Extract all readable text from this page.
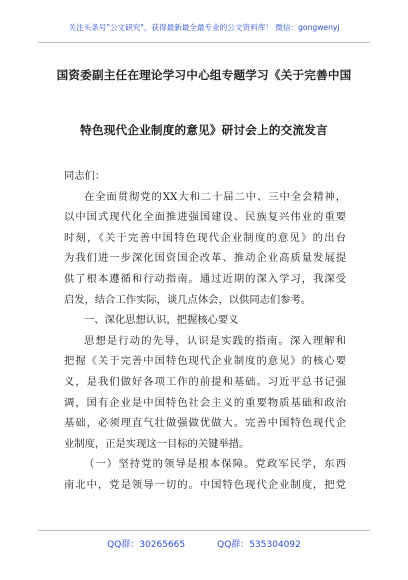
关注头条号"公文研究"，获得最新最全最专业的公文资料库！ 微信：gongwenyj
国资委副主任在理论学习中心组专题学习《关于完善中国
特色现代企业制度的意见》研讨会上的交流发言
同志们：
在全面贯彻党的XX大和二十届二中、三中全会精神，
以中国式现代化全面推进强国建设、民族复兴伟业的重要
时刻，《关于完善中国特色现代企业制度的意见》的出台
为我们进一步深化国资国企改革、推动企业高质量发展提
供了根本遵循和行动指南。通过近期的深入学习，我深受
启发，结合工作实际，谈几点体会，以供同志们参考。
一、深化思想认识，把握核心要义
思想是行动的先导，认识是实践的指南。深入理解和
把握《关于完善中国特色现代企业制度的意见》的核心要
义，是我们做好各项工作的前提和基础。习近平总书记强
调，国有企业是中国特色社会主义的重要物质基础和政治
基础，必须理直气壮做强做优做大。完善中国特色现代企
业制度，正是实现这一目标的关键举措。
（一）坚持党的领导是根本保障。党政军民学，东西
南北中，党是领导一切的。中国特色现代企业制度，把党
QQ群：30265665	QQ群：535304092
